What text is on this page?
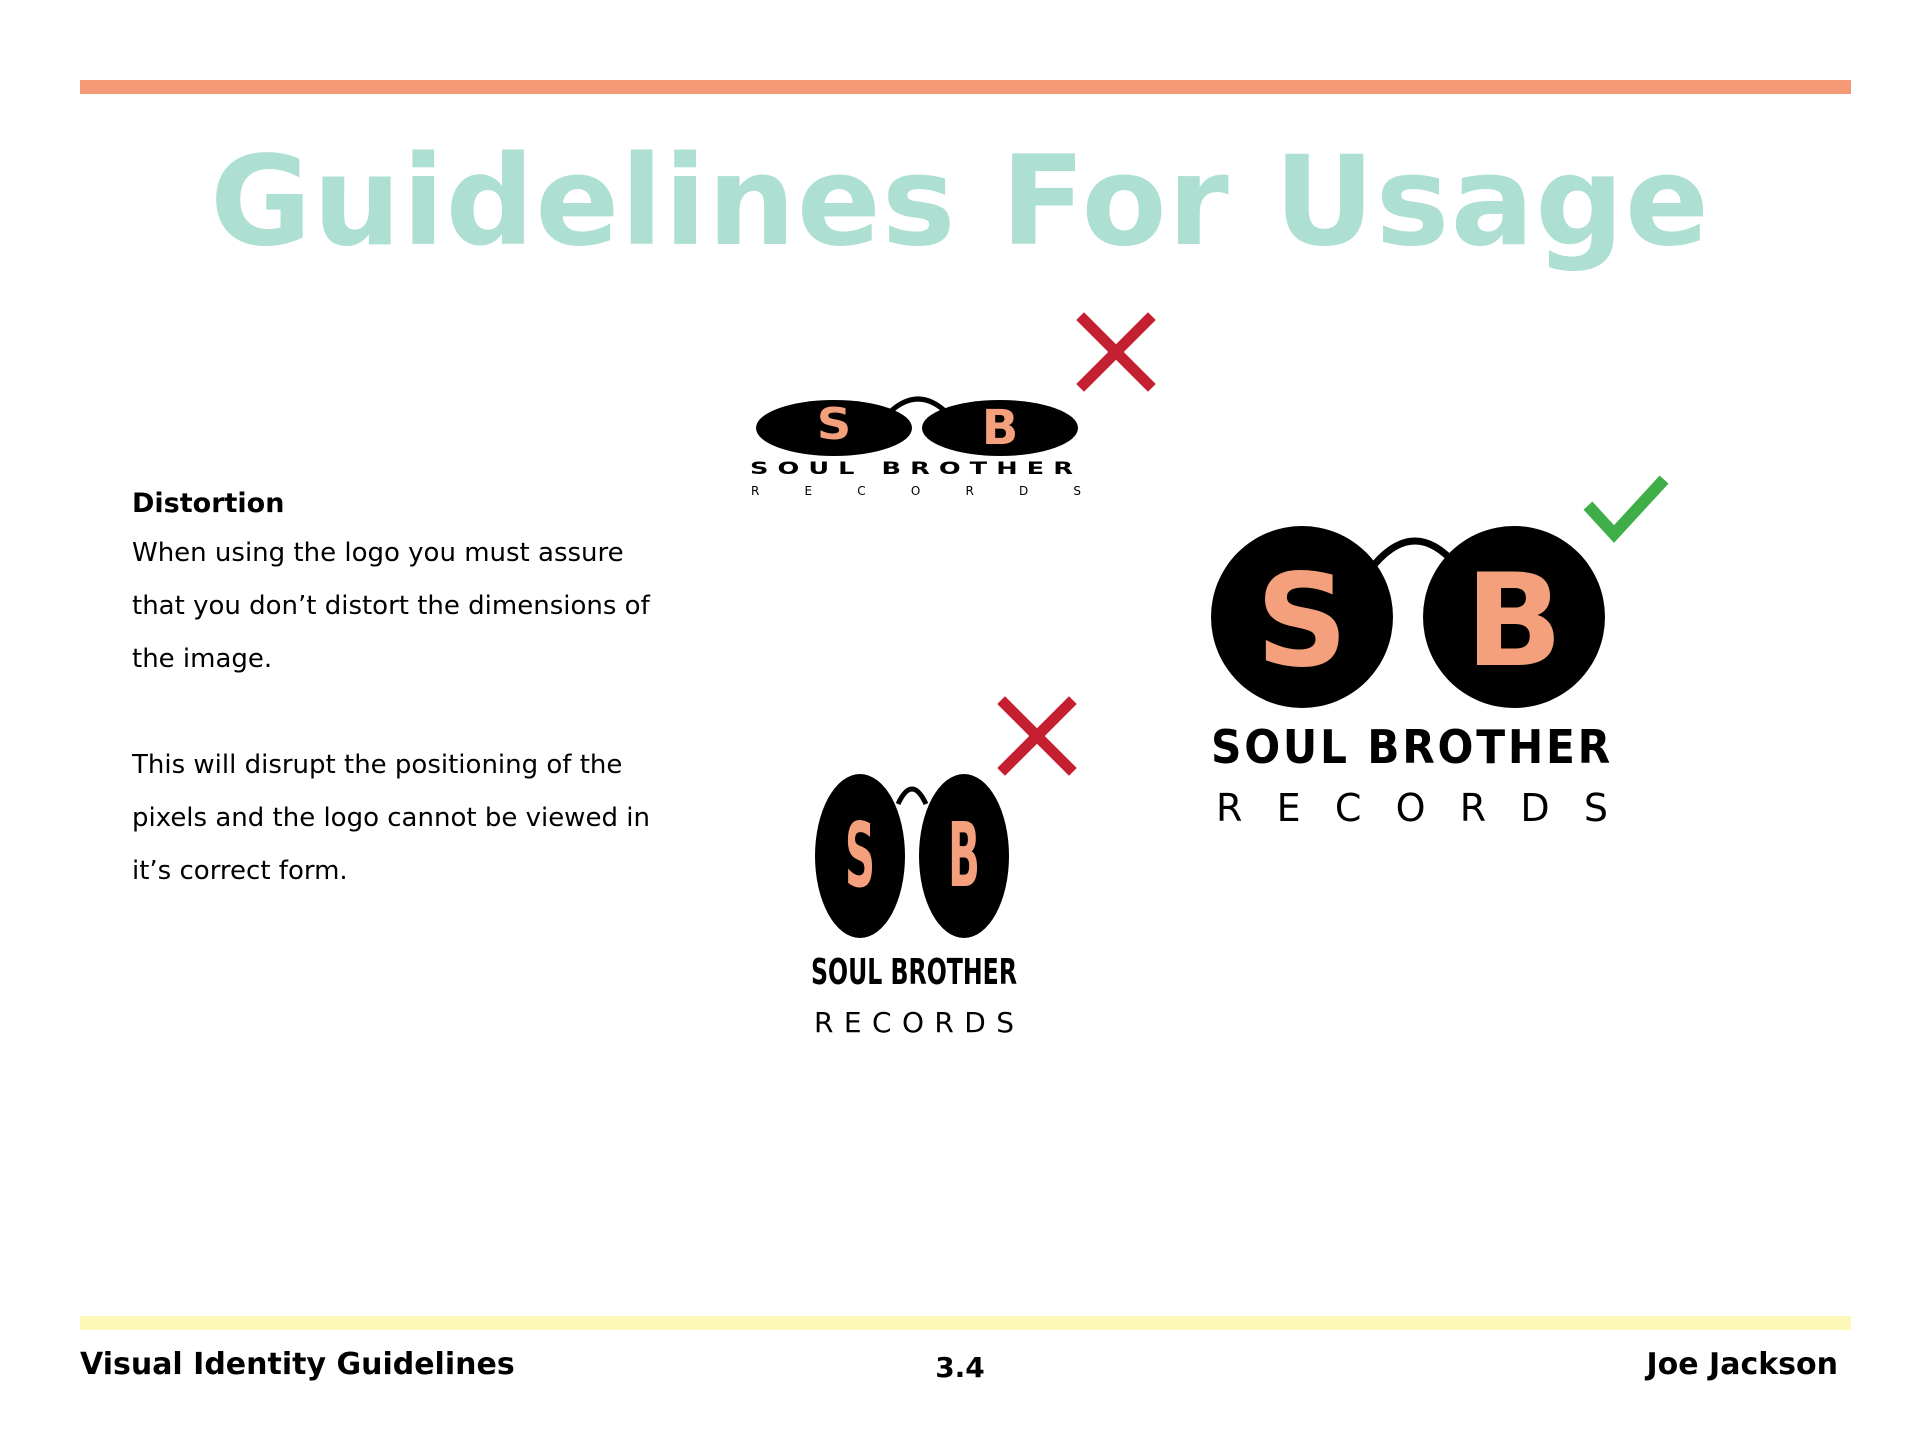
Guidelines For Usage

Distortion

When using the logo you must assure

that you don’t distort the dimensions of

the image.

This will disrupt the positioning of the

pixels and the logo cannot be viewed in

it’s correct form.

S	B
SOUL BROTHER
RECORDS
S B
SOUL BROTHER
RECORDS
S B
SOUL BROTHER
RECORDS
Visual Identity Guidelines	3.4	Joe Jackson
